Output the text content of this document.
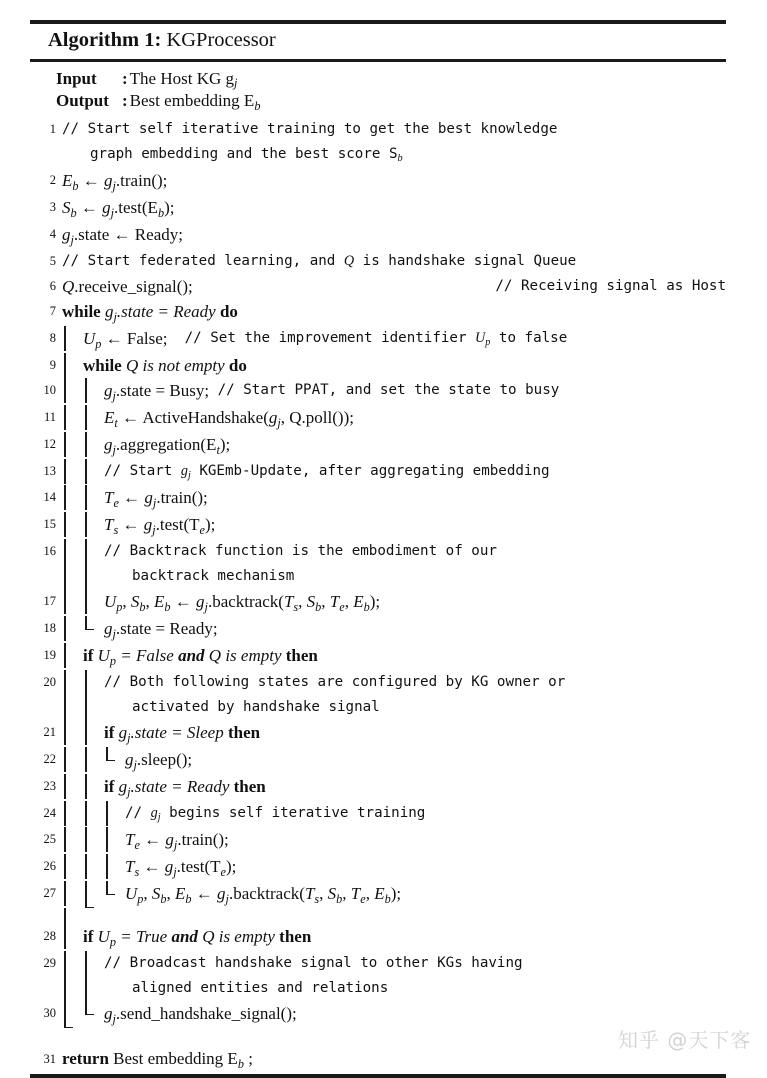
Algorithm 1: KGProcessor
Input	: The Host KG $g_j$
Output : Best embedding $E_b$
1 // Start self iterative training to get the best knowledge
graph embedding and the best score $S_b$
2 $E_b$ ← $g_j.train()$;
3 $S_b$ ← $g_j.test(E_b)$;
4 $g_j.state$ ← Ready;
5 // Start federated learning, and Q is handshake signal Queue
6 Q.receive_signal();	// Receiving signal as Host
7 while $g_j.state$ = Ready do
8	$U_p$ ← False; // Set the improvement identifier $U_p$ to false
9	while Q is not empty do
10	$g_j.state$ = Busy; // Start PPAT, and set the state to busy
11	$E_t$ ← $ActiveHandshake(g_j$, Q.poll());
12	$g_j.aggregation(E_t)$;
13	// Start $g_j$ KGEmb-Update, after aggregating embedding
14	$T_e$ ← $g_j.train()$;
15	$T_s$ ← $g_j.test(T_e)$;
16	// Backtrack function is the embodiment of our
backtrack mechanism
17	$U_p$, $S_b$, $E_b$ ← $g_j.backtrack(T_s$, $S_b$, $T_e$, $E_b$);
18	$g_j.state$ = Ready;
19	if $U_p$ = False and Q is empty then
20	// Both following states are configured by KG owner or
activated by handshake signal
21	if $g_j.state$ = Sleep then
22	$g_j.sleep()$;
23	if $g_j.state$ = Ready then
24	// $g_j$ begins self iterative training
25	$T_e$ ← $g_j.train()$;
26	$T_s$ ← $g_j.test(T_e)$;
27	$U_p$, $S_b$, $E_b$ ← $g_j.backtrack(T_s$, $S_b$, $T_e$, $E_b$);
28	if $U_p$ = True and Q is empty then
29	// Broadcast handshake signal to other KGs having
aligned entities and relations
30	$g_j.send\_handshake\_signal()$;
31 return Best embedding $E_b$ ;
知乎 @天下客
